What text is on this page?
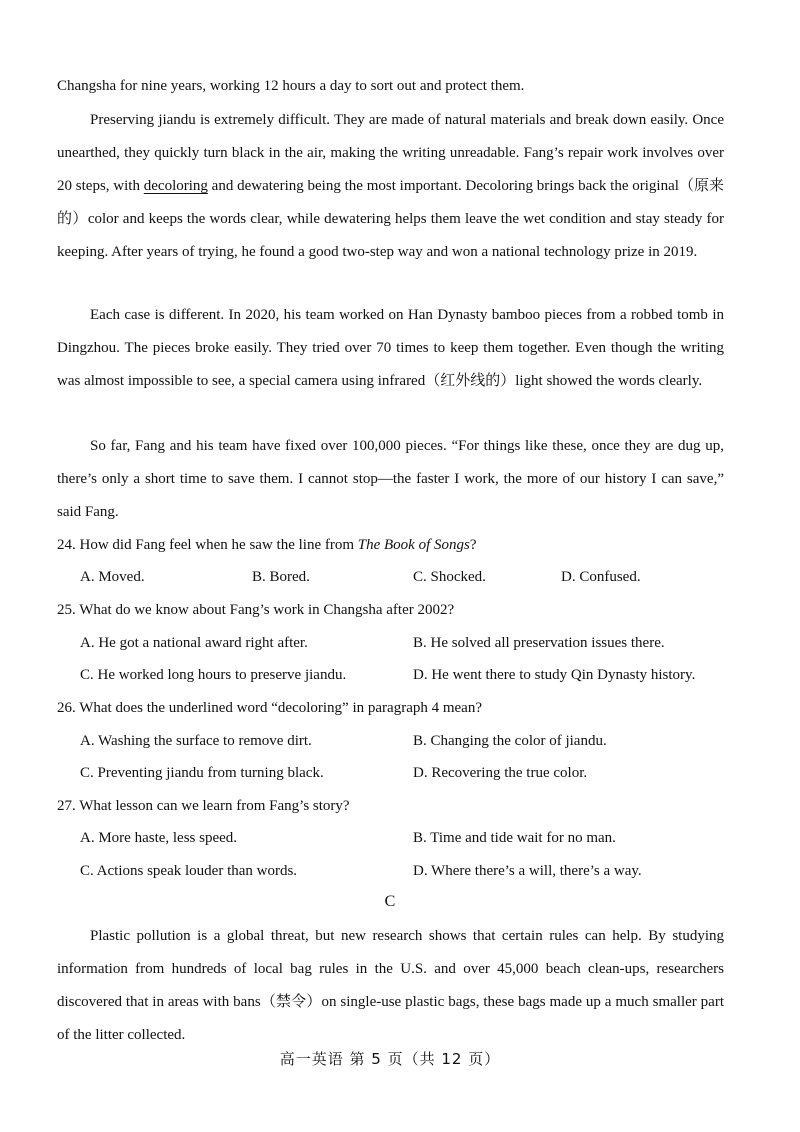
Changsha for nine years, working 12 hours a day to sort out and protect them.

Preserving jiandu is extremely difficult. They are made of natural materials and break down easily. Once unearthed, they quickly turn black in the air, making the writing unreadable. Fang’s repair work involves over 20 steps, with decoloring and dewatering being the most important. Decoloring brings back the original（原来的）color and keeps the words clear, while dewatering helps them leave the wet condition and stay steady for keeping. After years of trying, he found a good two-step way and won a national technology prize in 2019.

Each case is different. In 2020, his team worked on Han Dynasty bamboo pieces from a robbed tomb in Dingzhou. The pieces broke easily. They tried over 70 times to keep them together. Even though the writing was almost impossible to see, a special camera using infrared（红外线的）light showed the words clearly.

So far, Fang and his team have fixed over 100,000 pieces. “For things like these, once they are dug up, there’s only a short time to save them. I cannot stop—the faster I work, the more of our history I can save,” said Fang.

24. How did Fang feel when he saw the line from The Book of Songs?
A. Moved.	B. Bored.	C. Shocked.	D. Confused.
25. What do we know about Fang’s work in Changsha after 2002?
A. He got a national award right after.	B. He solved all preservation issues there.
C. He worked long hours to preserve jiandu.	D. He went there to study Qin Dynasty history.
26. What does the underlined word “decoloring” in paragraph 4 mean?
A. Washing the surface to remove dirt.	B. Changing the color of jiandu.
C. Preventing jiandu from turning black.	D. Recovering the true color.
27. What lesson can we learn from Fang’s story?
A. More haste, less speed.	B. Time and tide wait for no man.
C. Actions speak louder than words.	D. Where there’s a will, there’s a way.
C

Plastic pollution is a global threat, but new research shows that certain rules can help. By studying information from hundreds of local bag rules in the U.S. and over 45,000 beach clean-ups, researchers discovered that in areas with bans（禁令）on single-use plastic bags, these bags made up a much smaller part of the litter collected.

高一英语 第 5 页（共 12 页）
